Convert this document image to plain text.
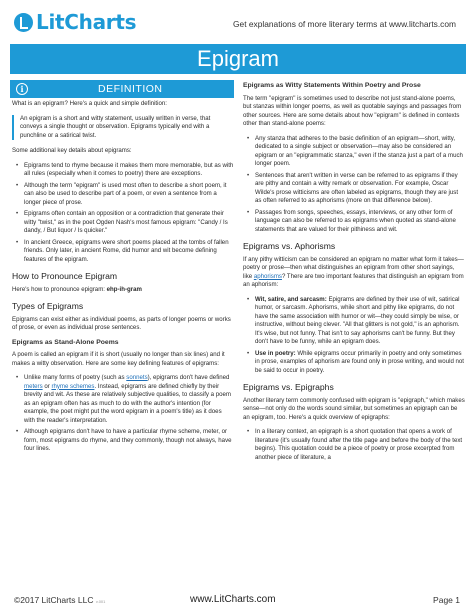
LitCharts	Get explanations of more literary terms at www.litcharts.com
Epigram
i	DEFINITION
What is an epigram? Here's a quick and simple definition:
An epigram is a short and witty statement, usually written in verse, that conveys a single thought or observation. Epigrams typically end with a punchline or a satirical twist.
Some additional key details about epigrams:
• Epigrams tend to rhyme because it makes them more memorable, but as with all rules (especially when it comes to poetry) there are exceptions.
• Although the term "epigram" is used most often to describe a short poem, it can also be used to describe part of a poem, or even a sentence from a longer piece of prose.
• Epigrams often contain an opposition or a contradiction that generate their witty "twist," as in the poet Ogden Nash's most famous epigram: "Candy / Is dandy, / But liquor / Is quicker."
• In ancient Greece, epigrams were short poems placed at the tombs of fallen friends. Only later, in ancient Rome, did humor and wit become defining features of the epigram.
How to Pronounce Epigram
Here's how to pronounce epigram: ehp-ih-gram
Types of Epigrams
Epigrams can exist either as individual poems, as parts of longer poems or works of prose, or even as individual prose sentences.
Epigrams as Stand-Alone Poems
A poem is called an epigram if it is short (usually no longer than six lines) and it makes a witty observation. Here are some key defining features of epigrams:
• Unlike many forms of poetry (such as sonnets), epigrams don't have defined meters or rhyme schemes. Instead, epigrams are defined chiefly by their brevity and wit. As these are relatively subjective qualities, to classify a poem as an epigram often has as much to do with the author's intention (for example, the poet might put the word epigram in a poem's title) as it does with the reader's interpretation.
• Although epigrams don't have to have a particular rhyme scheme, meter, or form, most epigrams do rhyme, and they commonly, though not always, have four lines.
Epigrams as Witty Statements Within Poetry and Prose
The term "epigram" is sometimes used to describe not just stand-alone poems, but stanzas within longer poems, as well as quotable sayings and passages from other sources. Here are some details about how "epigram" is defined in contexts other than stand-alone poems:
• Any stanza that adheres to the basic definition of an epigram—short, witty, dedicated to a single subject or observation—may also be considered an epigram or an "epigrammatic stanza," even if the stanza just a part of a much longer poem.
• Sentences that aren't written in verse can be referred to as epigrams if they are pithy and contain a witty remark or observation. For example, Oscar Wilde's prose witticisms are often labeled as epigrams, though they are just as often referred to as aphorisms (more on that difference below).
• Passages from songs, speeches, essays, interviews, or any other form of language can also be referred to as epigrams when quoted as stand-alone statements that are valued for their pithiness and wit.
Epigrams vs. Aphorisms
If any pithy witticism can be considered an epigram no matter what form it takes—poetry or prose—then what distinguishes an epigram from other short sayings, like aphorisms? There are two important features that distinguish an epigram from an aphorism:
• Wit, satire, and sarcasm: Epigrams are defined by their use of wit, satirical humor, or sarcasm. Aphorisms, while short and pithy like epigrams, do not have the same association with humor or wit—they could simply be wise, or instructive, without being clever. "All that glitters is not gold," is an aphorism. It's wise, but not funny. That isn't to say aphorisms can't be funny. But they don't have to be funny, while an epigram does.
• Use in poetry: While epigrams occur primarily in poetry and only sometimes in prose, examples of aphorism are found only in prose writing, and would not be said to occur in poetry.
Epigrams vs. Epigraphs
Another literary term commonly confused with epigram is "epigraph," which makes sense—not only do the words sound similar, but sometimes an epigraph can be an epigram, too. Here's a quick overview of epigraphs:
• In a literary context, an epigraph is a short quotation that opens a work of literature (it's usually found after the title page and before the body of the text begins). This quotation could be a piece of poetry or prose excerpted from another piece of literature, a
©2017 LitCharts LLC v.001	www.LitCharts.com	Page 1
